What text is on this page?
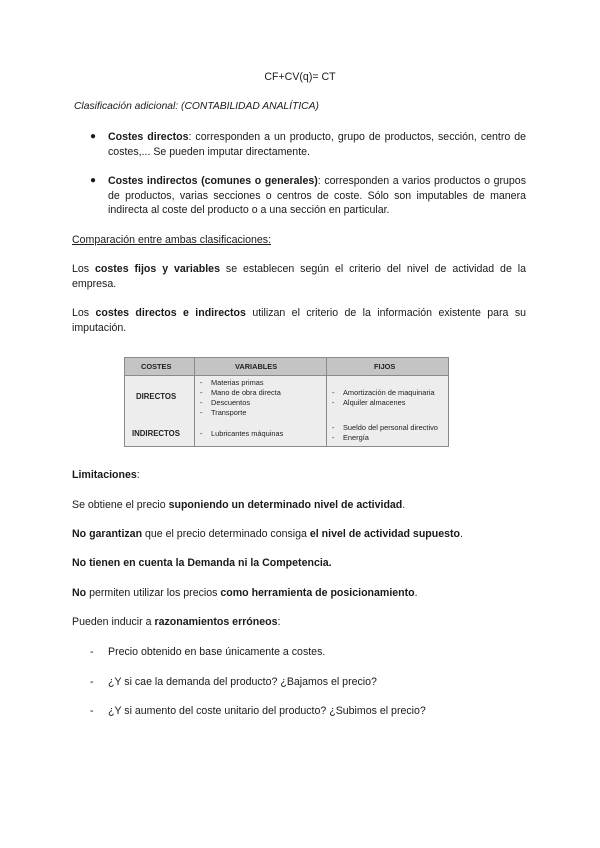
CF+CV(q)= CT
Clasificación adicional: (CONTABILIDAD ANALÍTICA)
● Costes directos: corresponden a un producto, grupo de productos, sección, centro de costes,... Se pueden imputar directamente.
● Costes indirectos (comunes o generales): corresponden a varios productos o grupos de productos, varias secciones o centros de coste. Sólo son imputables de manera indirecta al coste del producto o a una sección en particular.
Comparación entre ambas clasificaciones:
Los costes fijos y variables se establecen según el criterio del nivel de actividad de la empresa.
Los costes directos e indirectos utilizan el criterio de la información existente para su imputación.
COSTES	VARIABLES	FIJOS
DIRECTOS
- Materias primas
- Mano de obra directa
- Descuentos
- Transporte
- Amortización de maquinaria
- Alquiler almacenes
INDIRECTOS
-	Lubricantes máquinas
- Sueldo del personal directivo
- Energía
Limitaciones:
Se obtiene el precio suponiendo un determinado nivel de actividad.
No garantizan que el precio determinado consiga el nivel de actividad supuesto.
No tienen en cuenta la Demanda ni la Competencia.
No permiten utilizar los precios como herramienta de posicionamiento.
Pueden inducir a razonamientos erróneos:
- Precio obtenido en base únicamente a costes.
- ¿Y si cae la demanda del producto? ¿Bajamos el precio?
- ¿Y si aumento del coste unitario del producto? ¿Subimos el precio?
